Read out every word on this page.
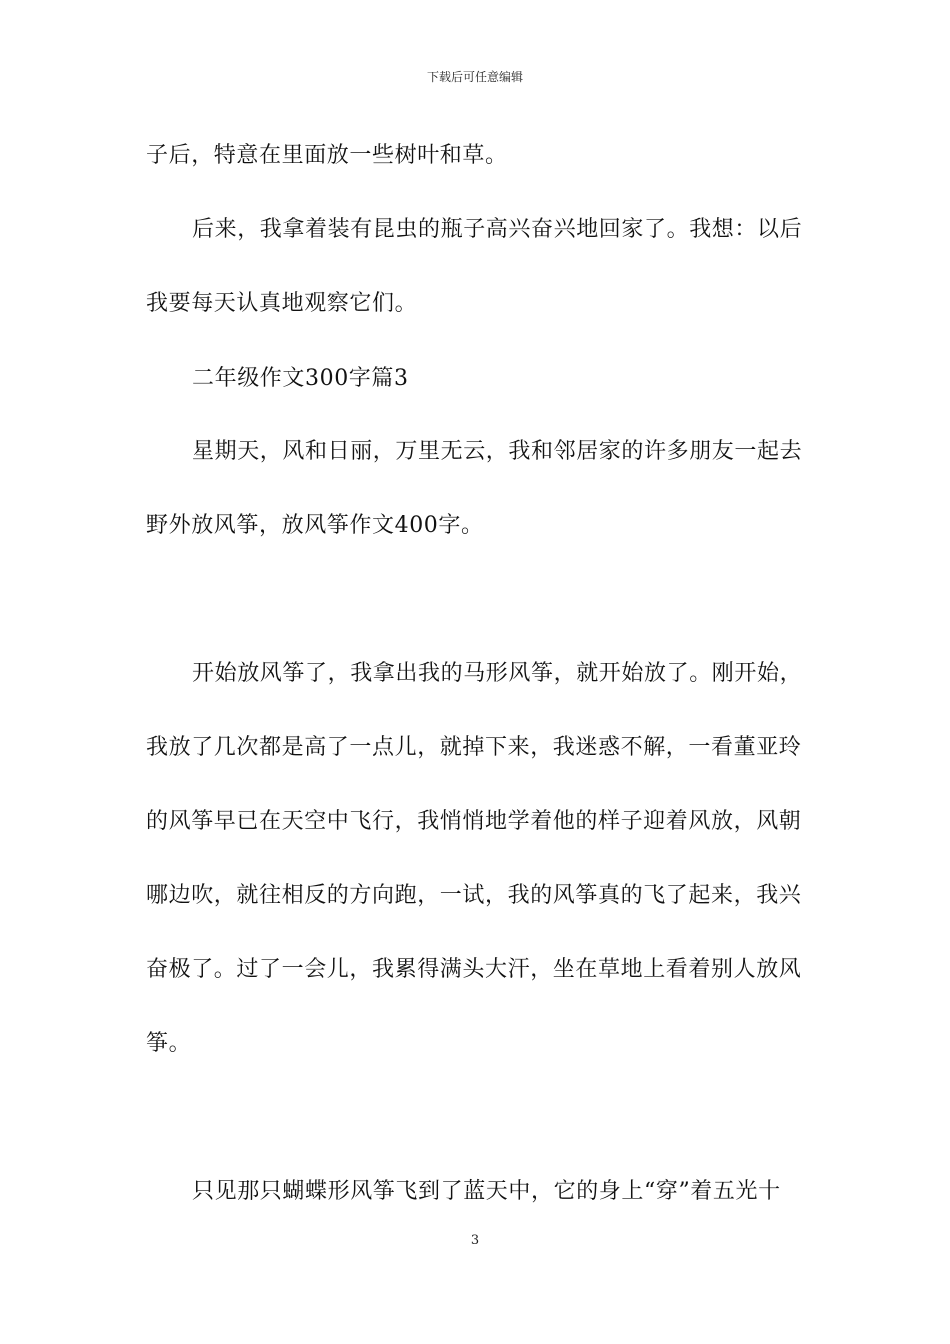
下载后可任意编辑
子后，特意在里面放一些树叶和草。
后来，我拿着装有昆虫的瓶子高兴奋兴地回家了。我想：以后
我要每天认真地观察它们。
二年级作文300字篇3
星期天，风和日丽，万里无云，我和邻居家的许多朋友一起去
野外放风筝，放风筝作文400字。
开始放风筝了，我拿出我的马形风筝，就开始放了。刚开始，
我放了几次都是高了一点儿，就掉下来，我迷惑不解，一看董亚玲
的风筝早已在天空中飞行，我悄悄地学着他的样子迎着风放，风朝
哪边吹，就往相反的方向跑，一试，我的风筝真的飞了起来，我兴
奋极了。过了一会儿，我累得满头大汗，坐在草地上看着别人放风
筝。
只见那只蝴蝶形风筝飞到了蓝天中，它的身上“穿”着五光十
3
